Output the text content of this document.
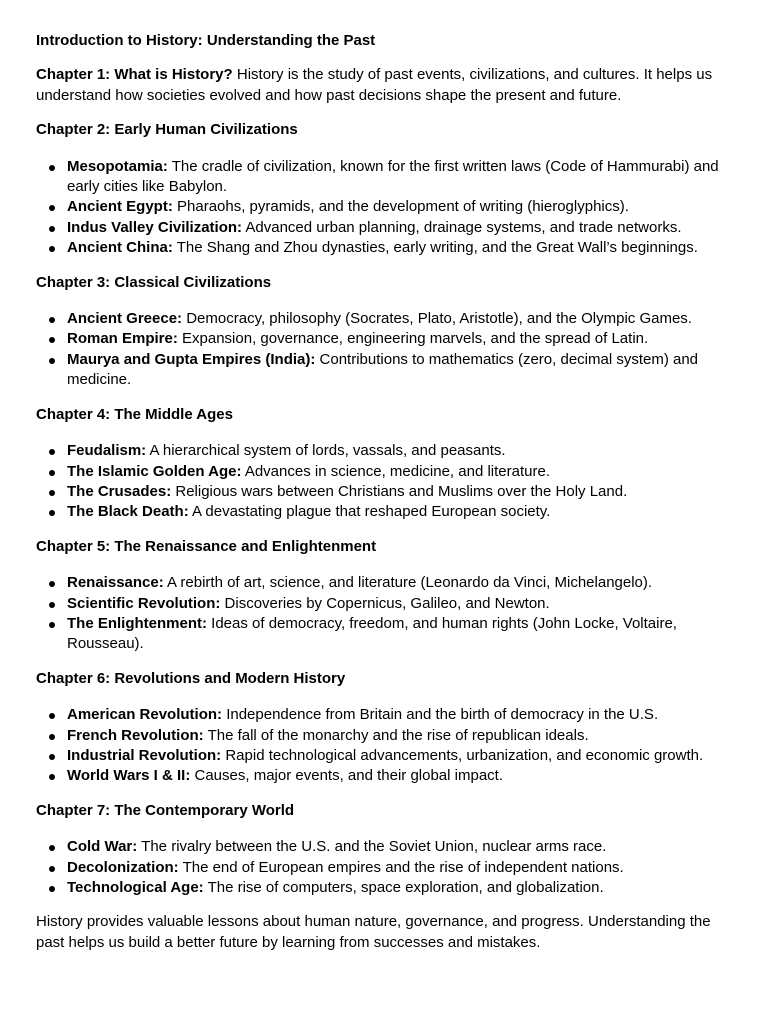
Introduction to History: Understanding the Past

Chapter 1: What is History? History is the study of past events, civilizations, and cultures. It helps us understand how societies evolved and how past decisions shape the present and future.

Chapter 2: Early Human Civilizations

Mesopotamia: The cradle of civilization, known for the first written laws (Code of Hammurabi) and early cities like Babylon.
Ancient Egypt: Pharaohs, pyramids, and the development of writing (hieroglyphics).
Indus Valley Civilization: Advanced urban planning, drainage systems, and trade networks.
Ancient China: The Shang and Zhou dynasties, early writing, and the Great Wall’s beginnings.

Chapter 3: Classical Civilizations

Ancient Greece: Democracy, philosophy (Socrates, Plato, Aristotle), and the Olympic Games.
Roman Empire: Expansion, governance, engineering marvels, and the spread of Latin.
Maurya and Gupta Empires (India): Contributions to mathematics (zero, decimal system) and medicine.

Chapter 4: The Middle Ages

Feudalism: A hierarchical system of lords, vassals, and peasants.
The Islamic Golden Age: Advances in science, medicine, and literature.
The Crusades: Religious wars between Christians and Muslims over the Holy Land.
The Black Death: A devastating plague that reshaped European society.

Chapter 5: The Renaissance and Enlightenment

Renaissance: A rebirth of art, science, and literature (Leonardo da Vinci, Michelangelo).
Scientific Revolution: Discoveries by Copernicus, Galileo, and Newton.
The Enlightenment: Ideas of democracy, freedom, and human rights (John Locke, Voltaire, Rousseau).

Chapter 6: Revolutions and Modern History

American Revolution: Independence from Britain and the birth of democracy in the U.S.
French Revolution: The fall of the monarchy and the rise of republican ideals.
Industrial Revolution: Rapid technological advancements, urbanization, and economic growth.
World Wars I & II: Causes, major events, and their global impact.

Chapter 7: The Contemporary World

Cold War: The rivalry between the U.S. and the Soviet Union, nuclear arms race.
Decolonization: The end of European empires and the rise of independent nations.
Technological Age: The rise of computers, space exploration, and globalization.

History provides valuable lessons about human nature, governance, and progress. Understanding the past helps us build a better future by learning from successes and mistakes.
